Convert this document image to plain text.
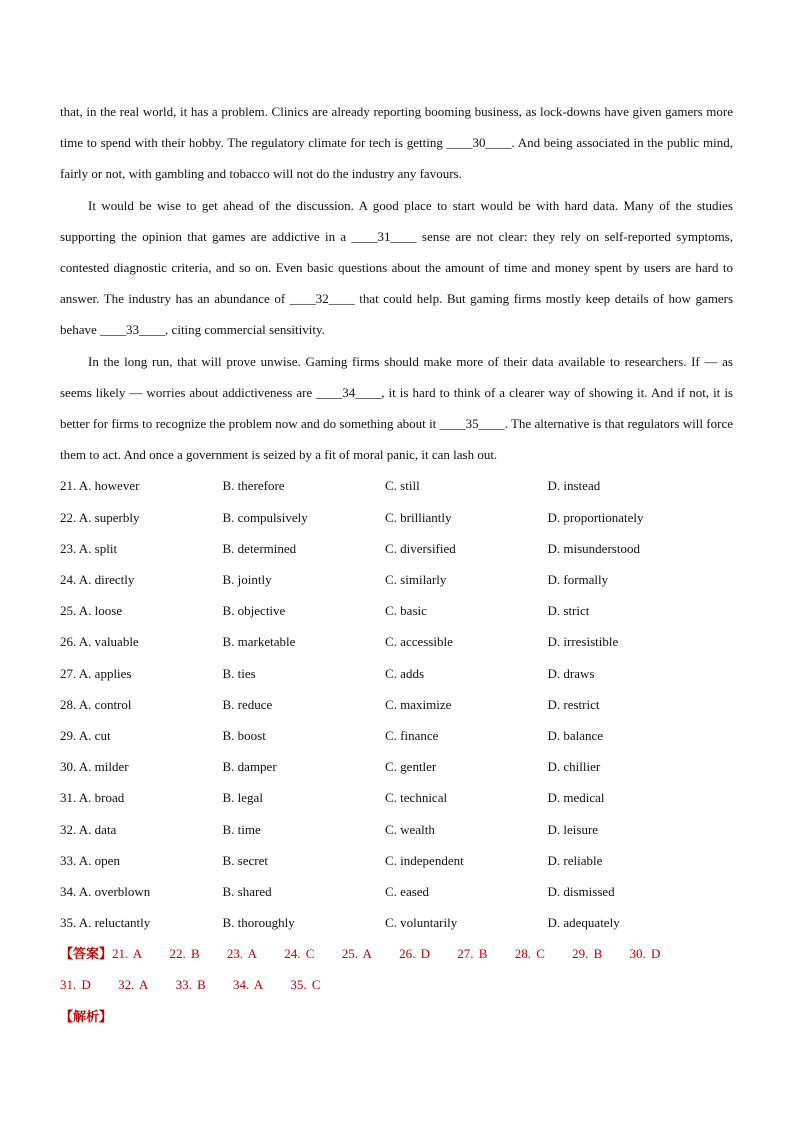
that, in the real world, it has a problem. Clinics are already reporting booming business, as lock-downs have given gamers more time to spend with their hobby. The regulatory climate for tech is getting ____30____. And being associated in the public mind, fairly or not, with gambling and tobacco will not do the industry any favours.

It would be wise to get ahead of the discussion. A good place to start would be with hard data. Many of the studies supporting the opinion that games are addictive in a ____31____ sense are not clear: they rely on self-reported symptoms, contested diagnostic criteria, and so on. Even basic questions about the amount of time and money spent by users are hard to answer. The industry has an abundance of ____32____ that could help. But gaming firms mostly keep details of how gamers behave ____33____, citing commercial sensitivity.

In the long run, that will prove unwise. Gaming firms should make more of their data available to researchers. If — as seems likely — worries about addictiveness are ____34____, it is hard to think of a clearer way of showing it. And if not, it is better for firms to recognize the problem now and do something about it ____35____. The alternative is that regulators will force them to act. And once a government is seized by a fit of moral panic, it can lash out.

21. A. however	B. therefore	C. still	D. instead
22. A. superbly	B. compulsively	C. brilliantly	D. proportionately
23. A. split	B. determined	C. diversified	D. misunderstood
24. A. directly	B. jointly	C. similarly	D. formally
25. A. loose	B. objective	C. basic	D. strict
26. A. valuable	B. marketable	C. accessible	D. irresistible
27. A. applies	B. ties	C. adds	D. draws
28. A. control	B. reduce	C. maximize	D. restrict
29. A. cut	B. boost	C. finance	D. balance
30. A. milder	B. damper	C. gentler	D. chillier
31. A. broad	B. legal	C. technical	D. medical
32. A. data	B. time	C. wealth	D. leisure
33. A. open	B. secret	C. independent	D. reliable
34. A. overblown	B. shared	C. eased	D. dismissed
35. A. reluctantly	B. thoroughly	C. voluntarily	D. adequately
【答案】21. A 22. B 23. A 24. C 25. A 26. D 27. B 28. C 29. B 30. D 31. D 32. A 33. B 34. A 35. C
【解析】
